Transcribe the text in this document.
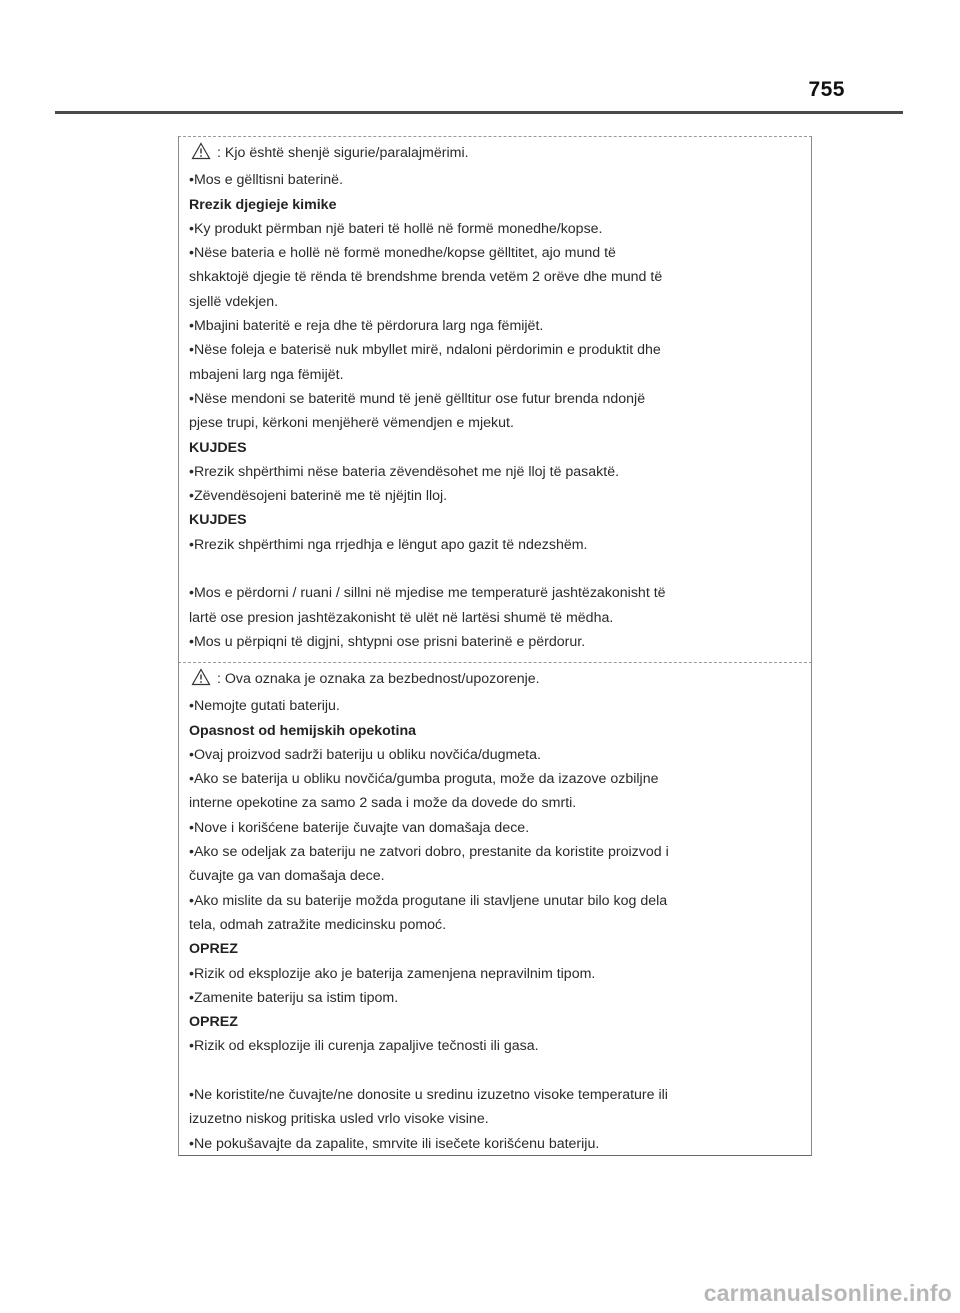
755
: Kjo është shenjë sigurie/paralajmërimi.
•Mos e gëlltisni baterinë.
Rrezik djegieje kimike
•Ky produkt përmban një bateri të hollë në formë monedhe/kopse.
•Nëse bateria e hollë në formë monedhe/kopse gëlltitet, ajo mund të
shkaktojë djegie të rënda të brendshme brenda vetëm 2 orëve dhe mund të
sjellë vdekjen.
•Mbajini bateritë e reja dhe të përdorura larg nga fëmijët.
•Nëse foleja e baterisë nuk mbyllet mirë, ndaloni përdorimin e produktit dhe
mbajeni larg nga fëmijët.
•Nëse mendoni se bateritë mund të jenë gëlltitur ose futur brenda ndonjë
pjese trupi, kërkoni menjëherë vëmendjen e mjekut.
KUJDES
•Rrezik shpërthimi nëse bateria zëvendësohet me një lloj të pasaktë.
•Zëvendësojeni baterinë me të njëjtin lloj.
KUJDES
•Rrezik shpërthimi nga rrjedhja e lëngut apo gazit të ndezshëm.
•Mos e përdorni / ruani / sillni në mjedise me temperaturë jashtëzakonisht të
lartë ose presion jashtëzakonisht të ulët në lartësi shumë të mëdha.
•Mos u përpiqni të digjni, shtypni ose prisni baterinë e përdorur.
: Ova oznaka je oznaka za bezbednost/upozorenje.
•Nemojte gutati bateriju.
Opasnost od hemijskih opekotina
•Ovaj proizvod sadrži bateriju u obliku novčića/dugmeta.
•Ako se baterija u obliku novčića/gumba proguta, može da izazove ozbiljne
interne opekotine za samo 2 sada i može da dovede do smrti.
•Nove i korišćene baterije čuvajte van domašaja dece.
•Ako se odeljak za bateriju ne zatvori dobro, prestanite da koristite proizvod i
čuvajte ga van domašaja dece.
•Ako mislite da su baterije možda progutane ili stavljene unutar bilo kog dela
tela, odmah zatražite medicinsku pomoć.
OPREZ
•Rizik od eksplozije ako je baterija zamenjena nepravilnim tipom.
•Zamenite bateriju sa istim tipom.
OPREZ
•Rizik od eksplozije ili curenja zapaljive tečnosti ili gasa.
•Ne koristite/ne čuvajte/ne donosite u sredinu izuzetno visoke temperature ili
izuzetno niskog pritiska usled vrlo visoke visine.
•Ne pokušavajte da zapalite, smrvite ili isečete korišćenu bateriju.
carmanualsonline.info
